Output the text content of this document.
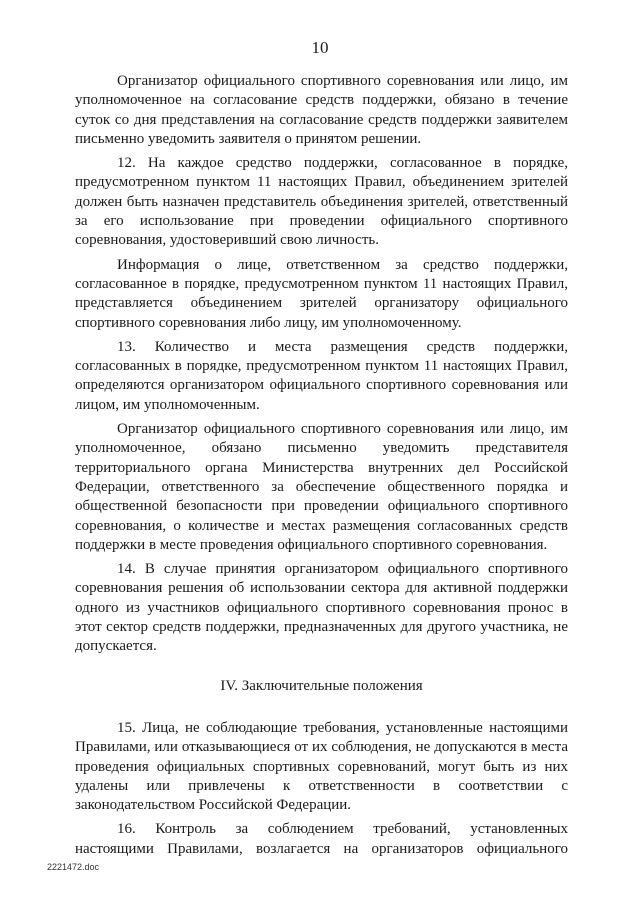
10

Организатор официального спортивного соревнования или лицо, им уполномоченное на согласование средств поддержки, обязано в течение суток со дня представления на согласование средств поддержки заявителем письменно уведомить заявителя о принятом решении.

12. На каждое средство поддержки, согласованное в порядке, предусмотренном пунктом 11 настоящих Правил, объединением зрителей должен быть назначен представитель объединения зрителей, ответственный за его использование при проведении официального спортивного соревнования, удостоверивший свою личность.

Информация о лице, ответственном за средство поддержки, согласованное в порядке, предусмотренном пунктом 11 настоящих Правил, представляется объединением зрителей организатору официального спортивного соревнования либо лицу, им уполномоченному.

13. Количество и места размещения средств поддержки, согласованных в порядке, предусмотренном пунктом 11 настоящих Правил, определяются организатором официального спортивного соревнования или лицом, им уполномоченным.

Организатор официального спортивного соревнования или лицо, им уполномоченное, обязано письменно уведомить представителя территориального органа Министерства внутренних дел Российской Федерации, ответственного за обеспечение общественного порядка и общественной безопасности при проведении официального спортивного соревнования, о количестве и местах размещения согласованных средств поддержки в месте проведения официального спортивного соревнования.

14. В случае принятия организатором официального спортивного соревнования решения об использовании сектора для активной поддержки одного из участников официального спортивного соревнования пронос в этот сектор средств поддержки, предназначенных для другого участника, не допускается.

IV. Заключительные положения

15. Лица, не соблюдающие требования, установленные настоящими Правилами, или отказывающиеся от их соблюдения, не допускаются в места проведения официальных спортивных соревнований, могут быть из них удалены или привлечены к ответственности в соответствии с законодательством Российской Федерации.

16. Контроль за соблюдением требований, установленных настоящими Правилами, возлагается на организаторов официального

2221472.doc
